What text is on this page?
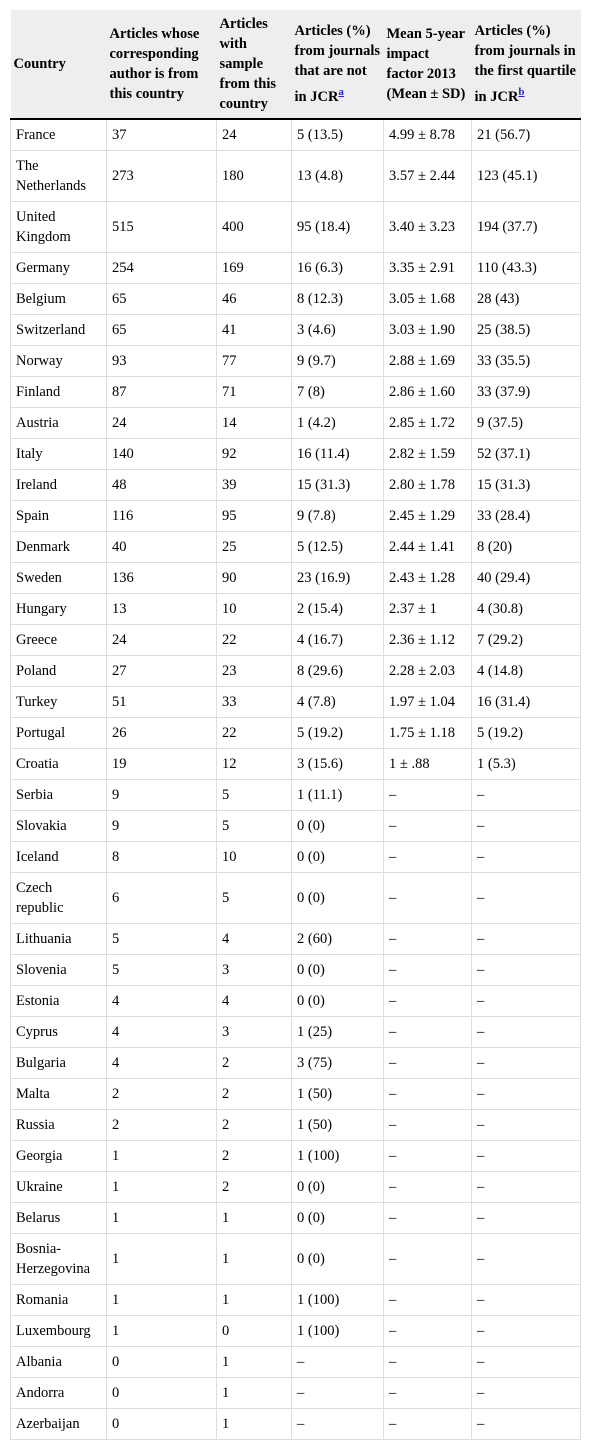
Country	Articles whose corresponding author is from this country	Articles with sample from this country	Articles (%) from journals that are not in JCR$^a$	Mean 5-year impact factor 2013 (Mean ± SD)	Articles (%) from journals in the first quartile in JCR$^b$
France	37	24	5 (13.5)	4.99 ± 8.78	21 (56.7)
The Netherlands	273	180	13 (4.8)	3.57 ± 2.44	123 (45.1)
United Kingdom	515	400	95 (18.4)	3.40 ± 3.23	194 (37.7)
Germany	254	169	16 (6.3)	3.35 ± 2.91	110 (43.3)
Belgium	65	46	8 (12.3)	3.05 ± 1.68	28 (43)
Switzerland	65	41	3 (4.6)	3.03 ± 1.90	25 (38.5)
Norway	93	77	9 (9.7)	2.88 ± 1.69	33 (35.5)
Finland	87	71	7 (8)	2.86 ± 1.60	33 (37.9)
Austria	24	14	1 (4.2)	2.85 ± 1.72	9 (37.5)
Italy	140	92	16 (11.4)	2.82 ± 1.59	52 (37.1)
Ireland	48	39	15 (31.3)	2.80 ± 1.78	15 (31.3)
Spain	116	95	9 (7.8)	2.45 ± 1.29	33 (28.4)
Denmark	40	25	5 (12.5)	2.44 ± 1.41	8 (20)
Sweden	136	90	23 (16.9)	2.43 ± 1.28	40 (29.4)
Hungary	13	10	2 (15.4)	2.37 ± 1	4 (30.8)
Greece	24	22	4 (16.7)	2.36 ± 1.12	7 (29.2)
Poland	27	23	8 (29.6)	2.28 ± 2.03	4 (14.8)
Turkey	51	33	4 (7.8)	1.97 ± 1.04	16 (31.4)
Portugal	26	22	5 (19.2)	1.75 ± 1.18	5 (19.2)
Croatia	19	12	3 (15.6)	1 ± .88	1 (5.3)
Serbia	9	5	1 (11.1)	–	–
Slovakia	9	5	0 (0)	–	–
Iceland	8	10	0 (0)	–	–
Czech republic	6	5	0 (0)	–	–
Lithuania	5	4	2 (60)	–	–
Slovenia	5	3	0 (0)	–	–
Estonia	4	4	0 (0)	–	–
Cyprus	4	3	1 (25)	–	–
Bulgaria	4	2	3 (75)	–	–
Malta	2	2	1 (50)	–	–
Russia	2	2	1 (50)	–	–
Georgia	1	2	1 (100)	–	–
Ukraine	1	2	0 (0)	–	–
Belarus	1	1	0 (0)	–	–
Bosnia-Herzegovina	1	1	0 (0)	–	–
Romania	1	1	1 (100)	–	–
Luxembourg	1	0	1 (100)	–	–
Albania	0	1	–	–	–
Andorra	0	1	–	–	–
Azerbaijan	0	1	–	–	–
